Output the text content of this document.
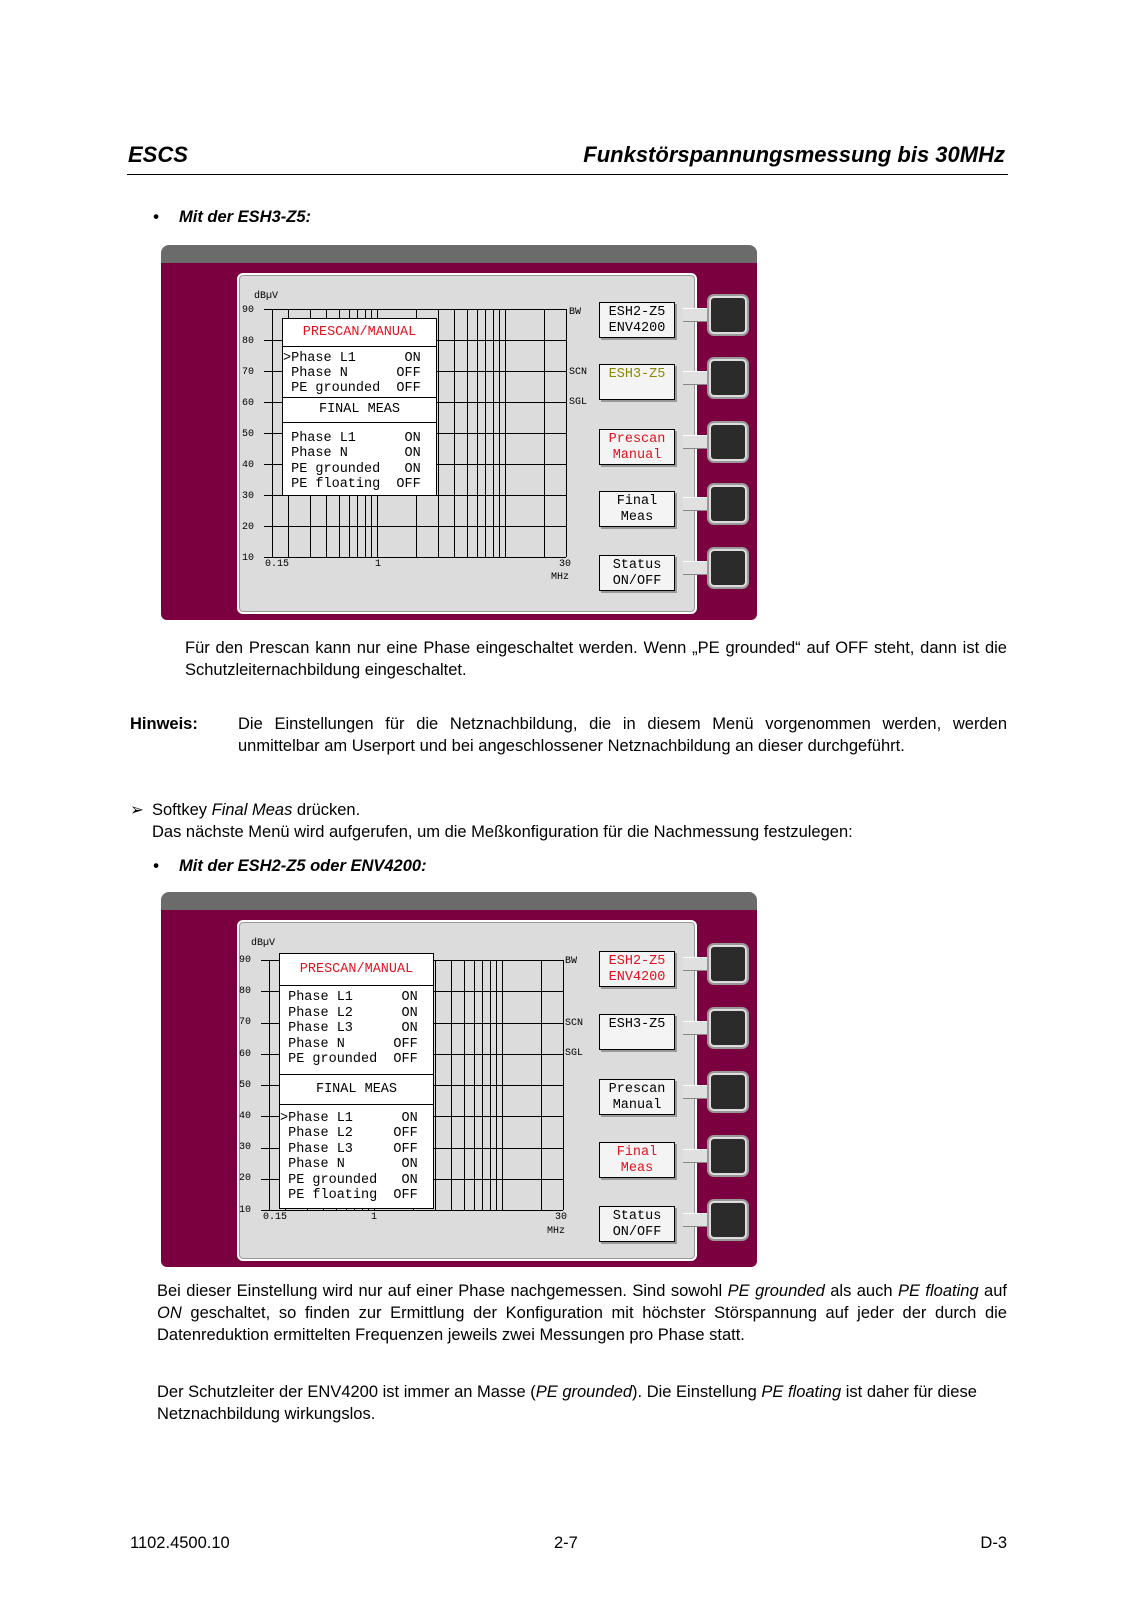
ESCS	Funkstörspannungsmessung bis 30MHz
• Mit der ESH3-Z5:
dBµV
90
80
70
60
50
40
30
20
10
0.15	1	30
MHz
BW
SCN
SGL
PRESCAN/MANUAL
>Phase L1      ON
Phase N      OFF
PE grounded  OFF
FINAL MEAS
Phase L1      ON
Phase N       ON
PE grounded   ON
PE floating  OFF
ESH2-Z5
ENV4200
ESH3-Z5

Prescan
Manual
Final
Meas
Status
ON/OFF
Für den Prescan kann nur eine Phase eingeschaltet werden. Wenn „PE grounded“ auf OFF steht, dann ist die Schutzleiternachbildung eingeschaltet.
Hinweis: Die Einstellungen für die Netznachbildung, die in diesem Menü vorgenommen werden, werden unmittelbar am Userport und bei angeschlossener Netznachbildung an dieser durchgeführt.
➢ Softkey Final Meas drücken.
Das nächste Menü wird aufgerufen, um die Meßkonfiguration für die Nachmessung festzulegen:
• Mit der ESH2-Z5 oder ENV4200:
dBµV
90
80
70
60
50
40
30
20
10
0.15	1	30
MHz
BW
SCN
SGL
PRESCAN/MANUAL
Phase L1      ON
Phase L2      ON
Phase L3      ON
Phase N      OFF
PE grounded  OFF
FINAL MEAS
>Phase L1      ON
Phase L2     OFF
Phase L3     OFF
Phase N       ON
PE grounded   ON
PE floating  OFF
ESH2-Z5
ENV4200
ESH3-Z5

Prescan
Manual
Final
Meas
Status
ON/OFF
Bei dieser Einstellung wird nur auf einer Phase nachgemessen. Sind sowohl PE grounded als auch PE floating auf ON geschaltet, so finden zur Ermittlung der Konfiguration mit höchster Störspannung auf jeder der durch die Datenreduktion ermittelten Frequenzen jeweils zwei Messungen pro Phase statt.
Der Schutzleiter der ENV4200 ist immer an Masse (PE grounded). Die Einstellung PE floating ist daher für diese Netznachbildung wirkungslos.
1102.4500.10	2-7	D-3
